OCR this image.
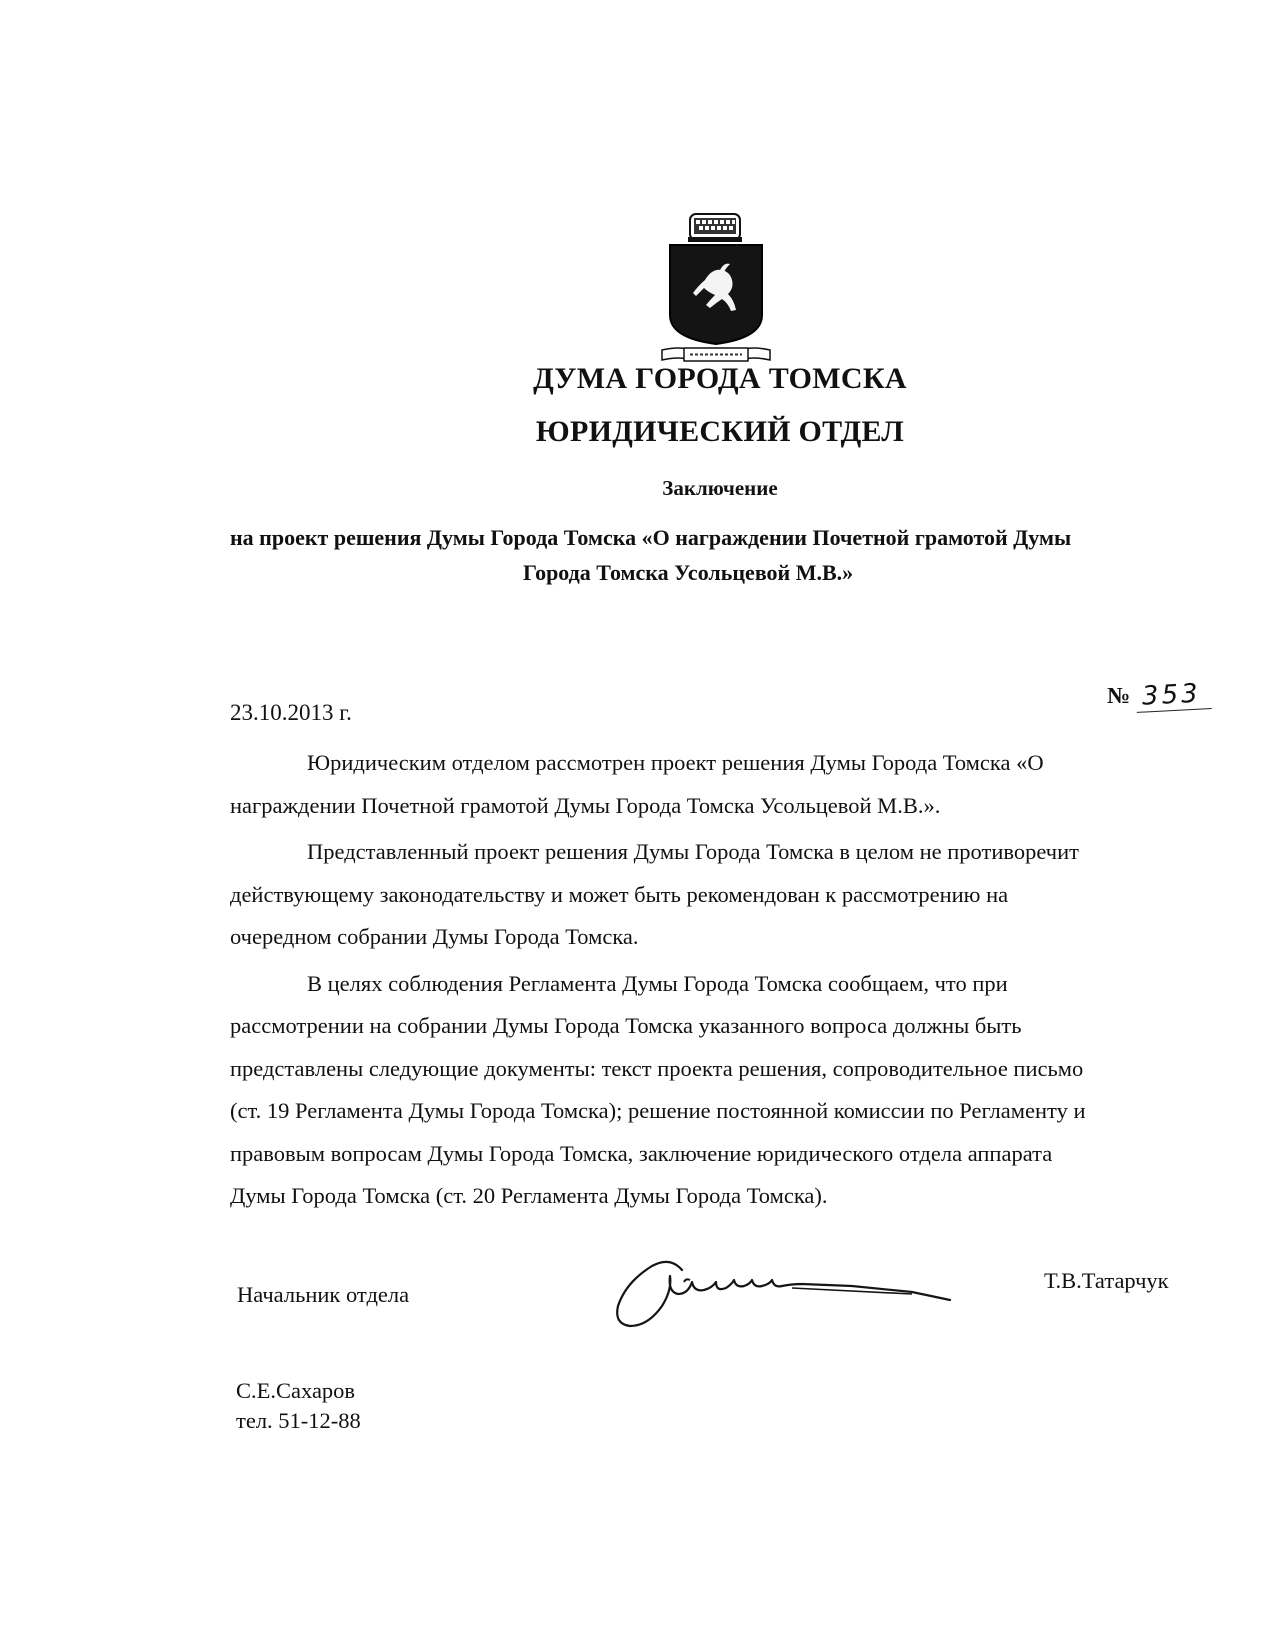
ДУМА ГОРОДА ТОМСКА
ЮРИДИЧЕСКИЙ ОТДЕЛ
Заключение
на проект решения Думы Города Томска «О награждении Почетной грамотой Думы
Города Томска Усольцевой М.В.»
23.10.2013 г.
№ 353
Юридическим отделом рассмотрен проект решения Думы Города Томска «О
награждении Почетной грамотой Думы Города Томска Усольцевой М.В.».
Представленный проект решения Думы Города Томска в целом не противоречит
действующему законодательству и может быть рекомендован к рассмотрению на
очередном собрании Думы Города Томска.
В целях соблюдения Регламента Думы Города Томска сообщаем, что при
рассмотрении на собрании Думы Города Томска указанного вопроса должны быть
представлены следующие документы: текст проекта решения, сопроводительное письмо
(ст. 19 Регламента Думы Города Томска); решение постоянной комиссии по Регламенту и
правовым вопросам Думы Города Томска, заключение юридического отдела аппарата
Думы Города Томска (ст. 20 Регламента Думы Города Томска).
Начальник отдела
Т.В.Татарчук
С.Е.Сахаров
тел. 51-12-88
